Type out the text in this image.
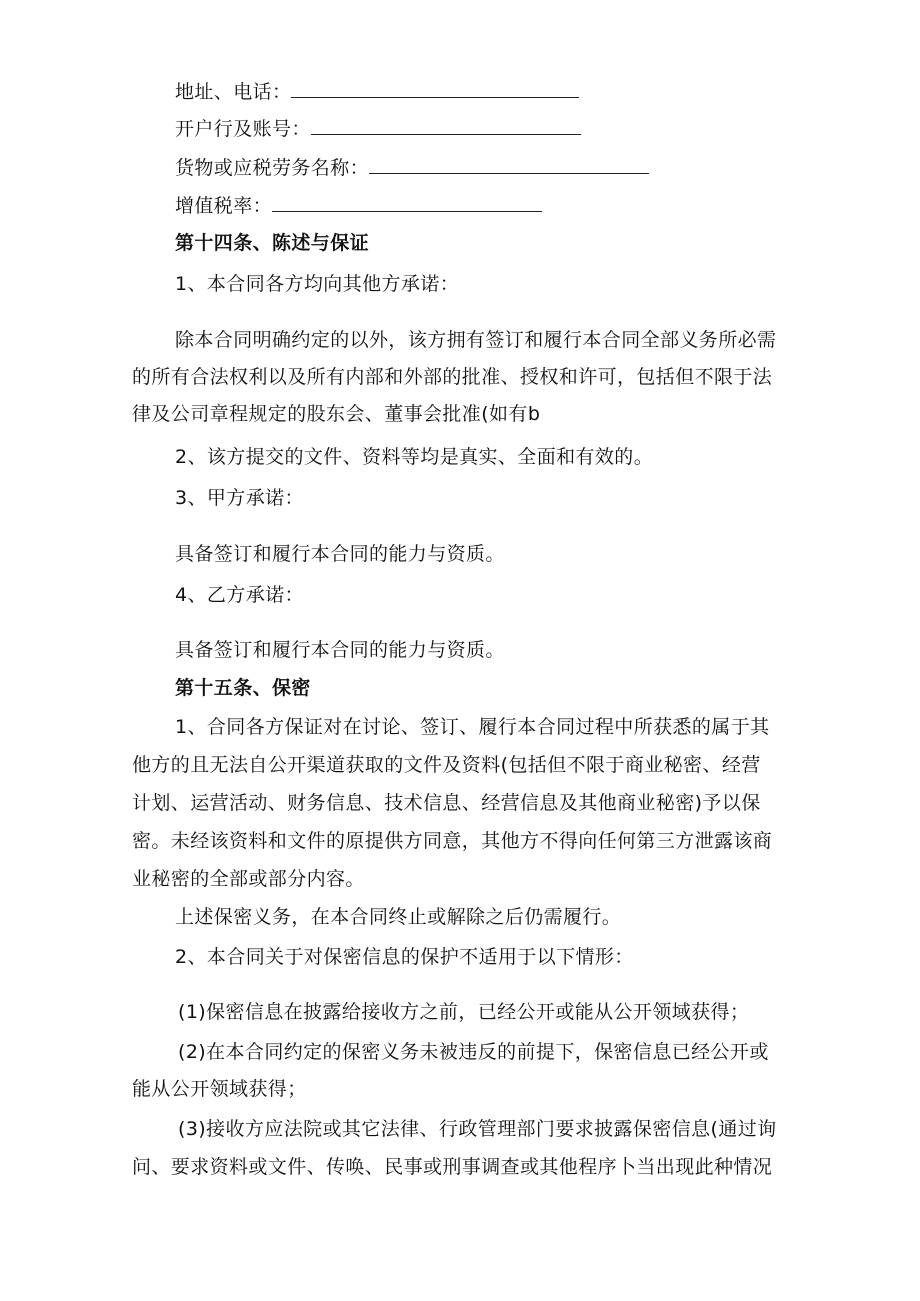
地址、电话：
开户行及账号：
货物或应税劳务名称：
增值税率：
第十四条、陈述与保证
1、本合同各方均向其他方承诺：
除本合同明确约定的以外，该方拥有签订和履行本合同全部义务所必需
的所有合法权利以及所有内部和外部的批准、授权和许可，包括但不限于法
律及公司章程规定的股东会、董事会批准(如有b
2、该方提交的文件、资料等均是真实、全面和有效的。
3、甲方承诺：
具备签订和履行本合同的能力与资质。
4、乙方承诺：
具备签订和履行本合同的能力与资质。
第十五条、保密
1、合同各方保证对在讨论、签订、履行本合同过程中所获悉的属于其
他方的且无法自公开渠道获取的文件及资料(包括但不限于商业秘密、经营
计划、运营活动、财务信息、技术信息、经营信息及其他商业秘密)予以保
密。未经该资料和文件的原提供方同意，其他方不得向任何第三方泄露该商
业秘密的全部或部分内容。
上述保密义务，在本合同终止或解除之后仍需履行。
2、本合同关于对保密信息的保护不适用于以下情形：
(1)保密信息在披露给接收方之前，已经公开或能从公开领域获得；
(2)在本合同约定的保密义务未被违反的前提下，保密信息已经公开或
能从公开领域获得；
(3)接收方应法院或其它法律、行政管理部门要求披露保密信息(通过询
问、要求资料或文件、传唤、民事或刑事调查或其他程序卜当出现此种情况
